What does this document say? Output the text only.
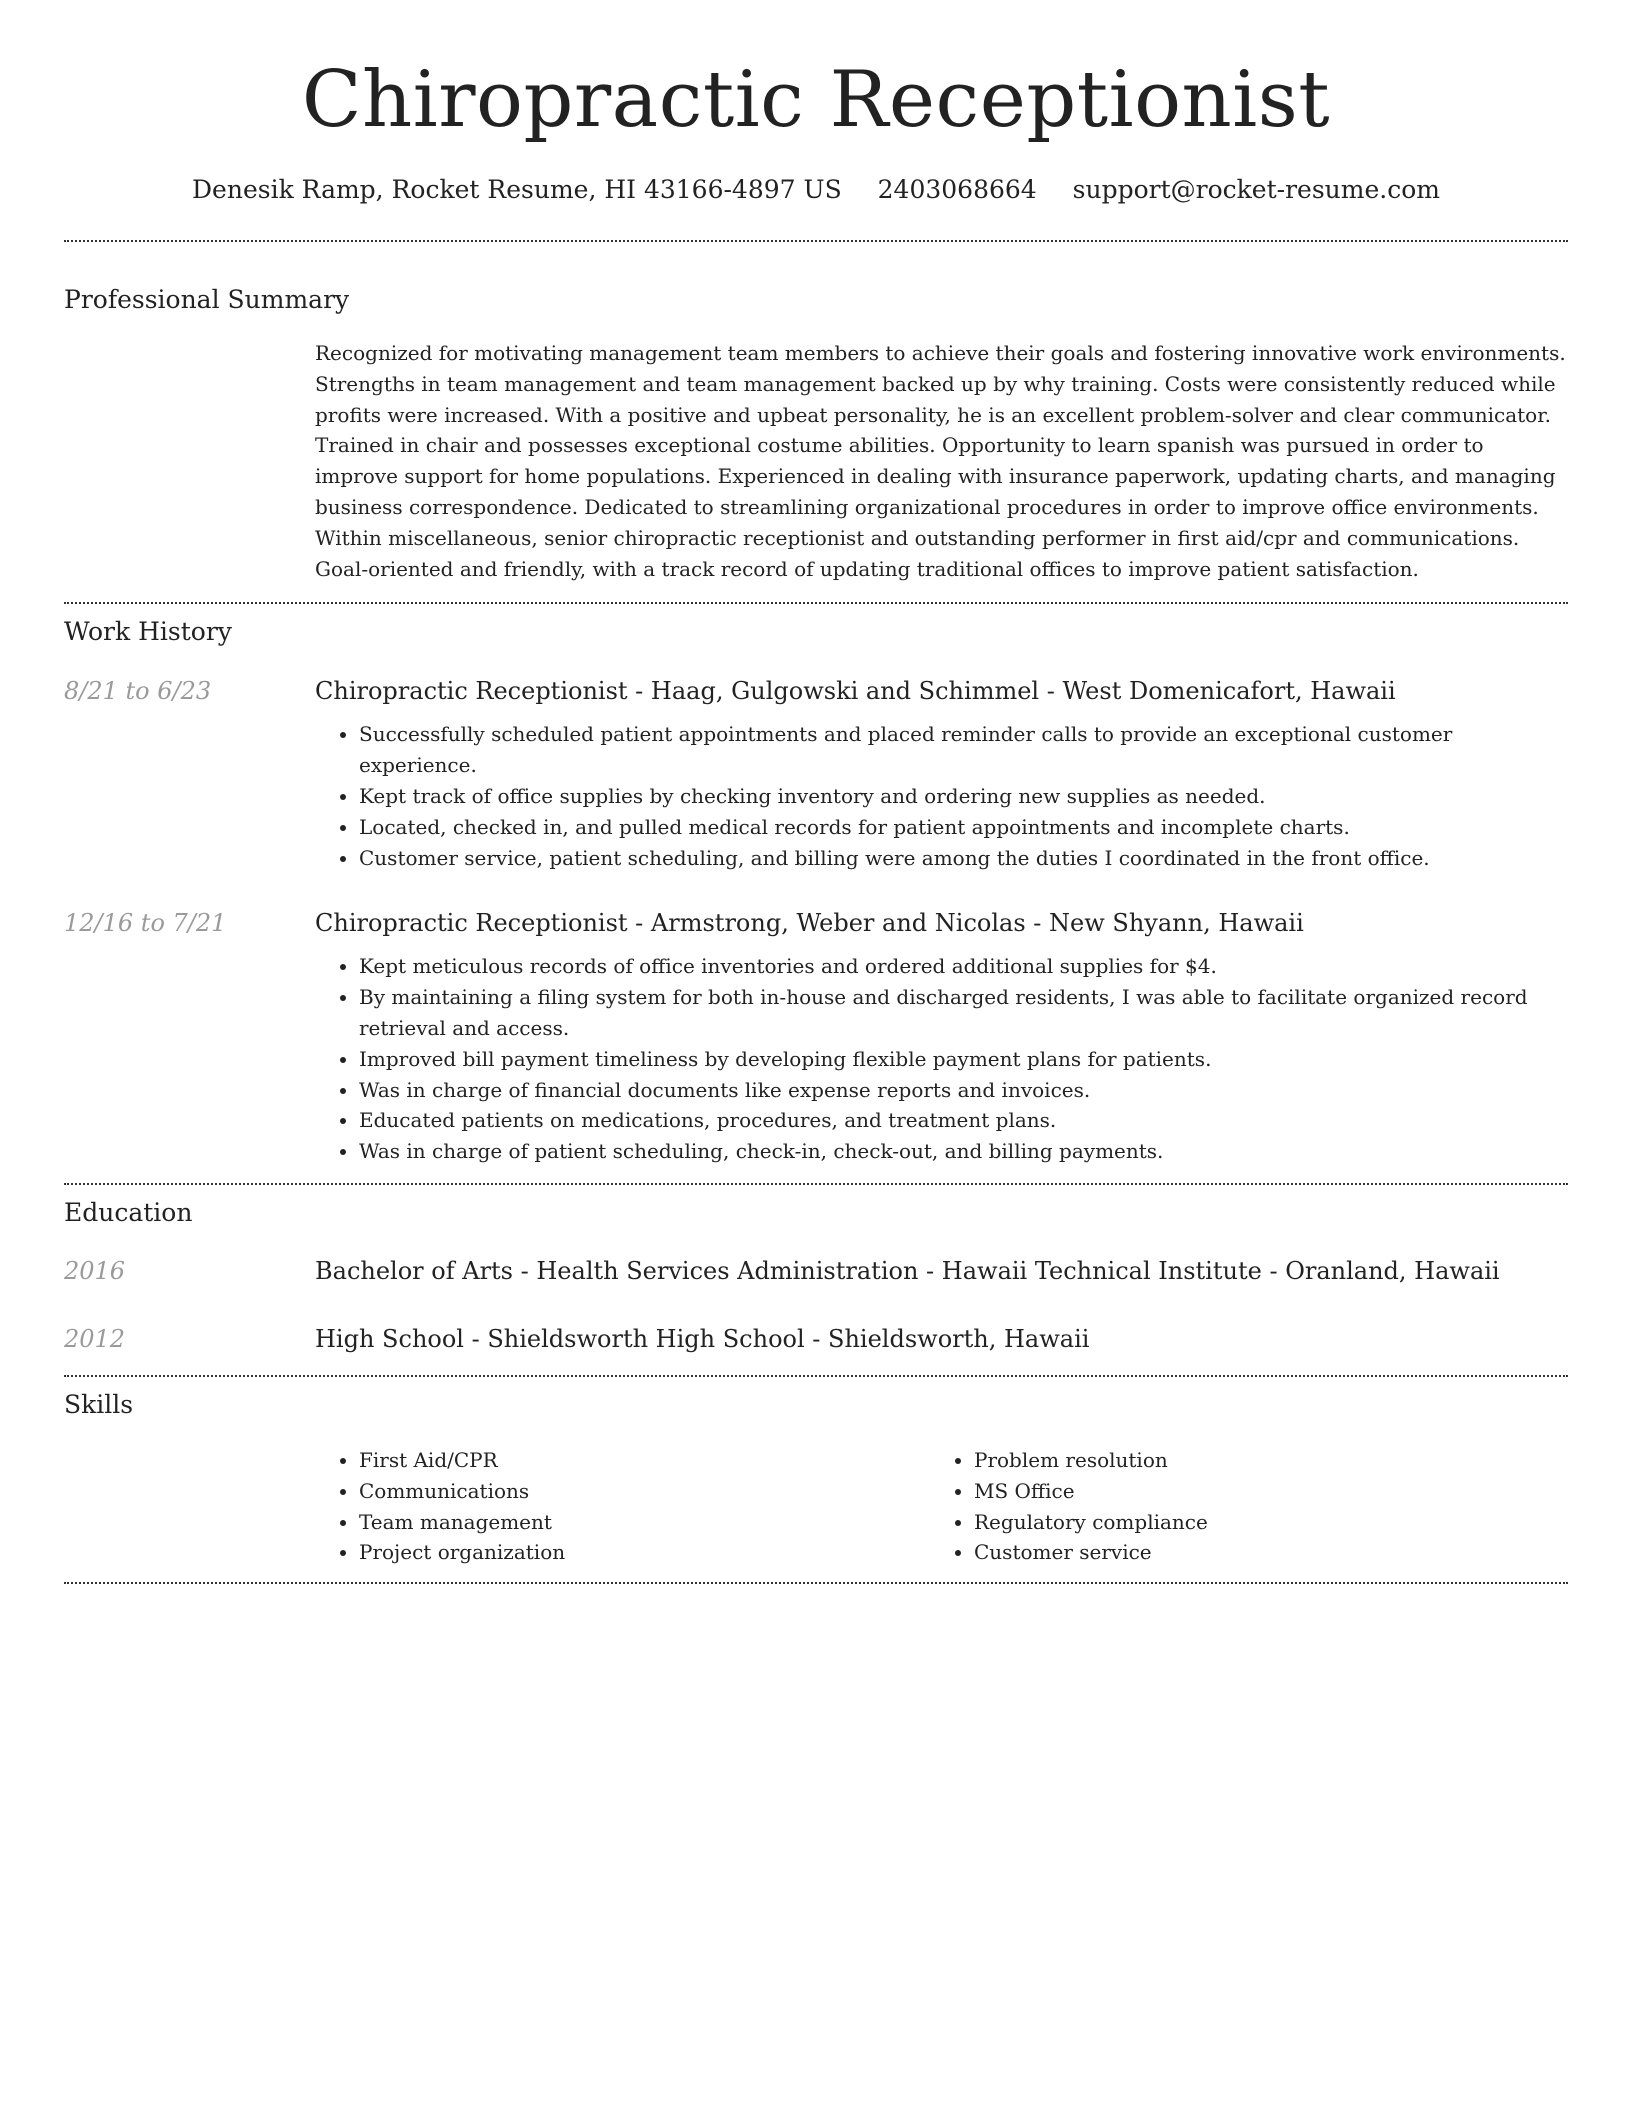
Chiropractic Receptionist
Denesik Ramp, Rocket Resume, HI 43166-4897 US 2403068664 support@rocket-resume.com
Professional Summary
Recognized for motivating management team members to achieve their goals and fostering innovative work environments. Strengths in team management and team management backed up by why training. Costs were consistently reduced while profits were increased. With a positive and upbeat personality, he is an excellent problem-solver and clear communicator. Trained in chair and possesses exceptional costume abilities. Opportunity to learn spanish was pursued in order to improve support for home populations. Experienced in dealing with insurance paperwork, updating charts, and managing business correspondence. Dedicated to streamlining organizational procedures in order to improve office environments. Within miscellaneous, senior chiropractic receptionist and outstanding performer in first aid/cpr and communications. Goal-oriented and friendly, with a track record of updating traditional offices to improve patient satisfaction.
Work History
8/21 to 6/23	Chiropractic Receptionist - Haag, Gulgowski and Schimmel - West Domenicafort, Hawaii
• Successfully scheduled patient appointments and placed reminder calls to provide an exceptional customer experience.
• Kept track of office supplies by checking inventory and ordering new supplies as needed.
• Located, checked in, and pulled medical records for patient appointments and incomplete charts.
• Customer service, patient scheduling, and billing were among the duties I coordinated in the front office.
12/16 to 7/21	Chiropractic Receptionist - Armstrong, Weber and Nicolas - New Shyann, Hawaii
• Kept meticulous records of office inventories and ordered additional supplies for $4.
• By maintaining a filing system for both in-house and discharged residents, I was able to facilitate organized record retrieval and access.
• Improved bill payment timeliness by developing flexible payment plans for patients.
• Was in charge of financial documents like expense reports and invoices.
• Educated patients on medications, procedures, and treatment plans.
• Was in charge of patient scheduling, check-in, check-out, and billing payments.
Education
2016	Bachelor of Arts - Health Services Administration - Hawaii Technical Institute - Oranland, Hawaii
2012	High School - Shieldsworth High School - Shieldsworth, Hawaii
Skills
• First Aid/CPR
• Communications
• Team management
• Project organization
• Problem resolution
• MS Office
• Regulatory compliance
• Customer service
